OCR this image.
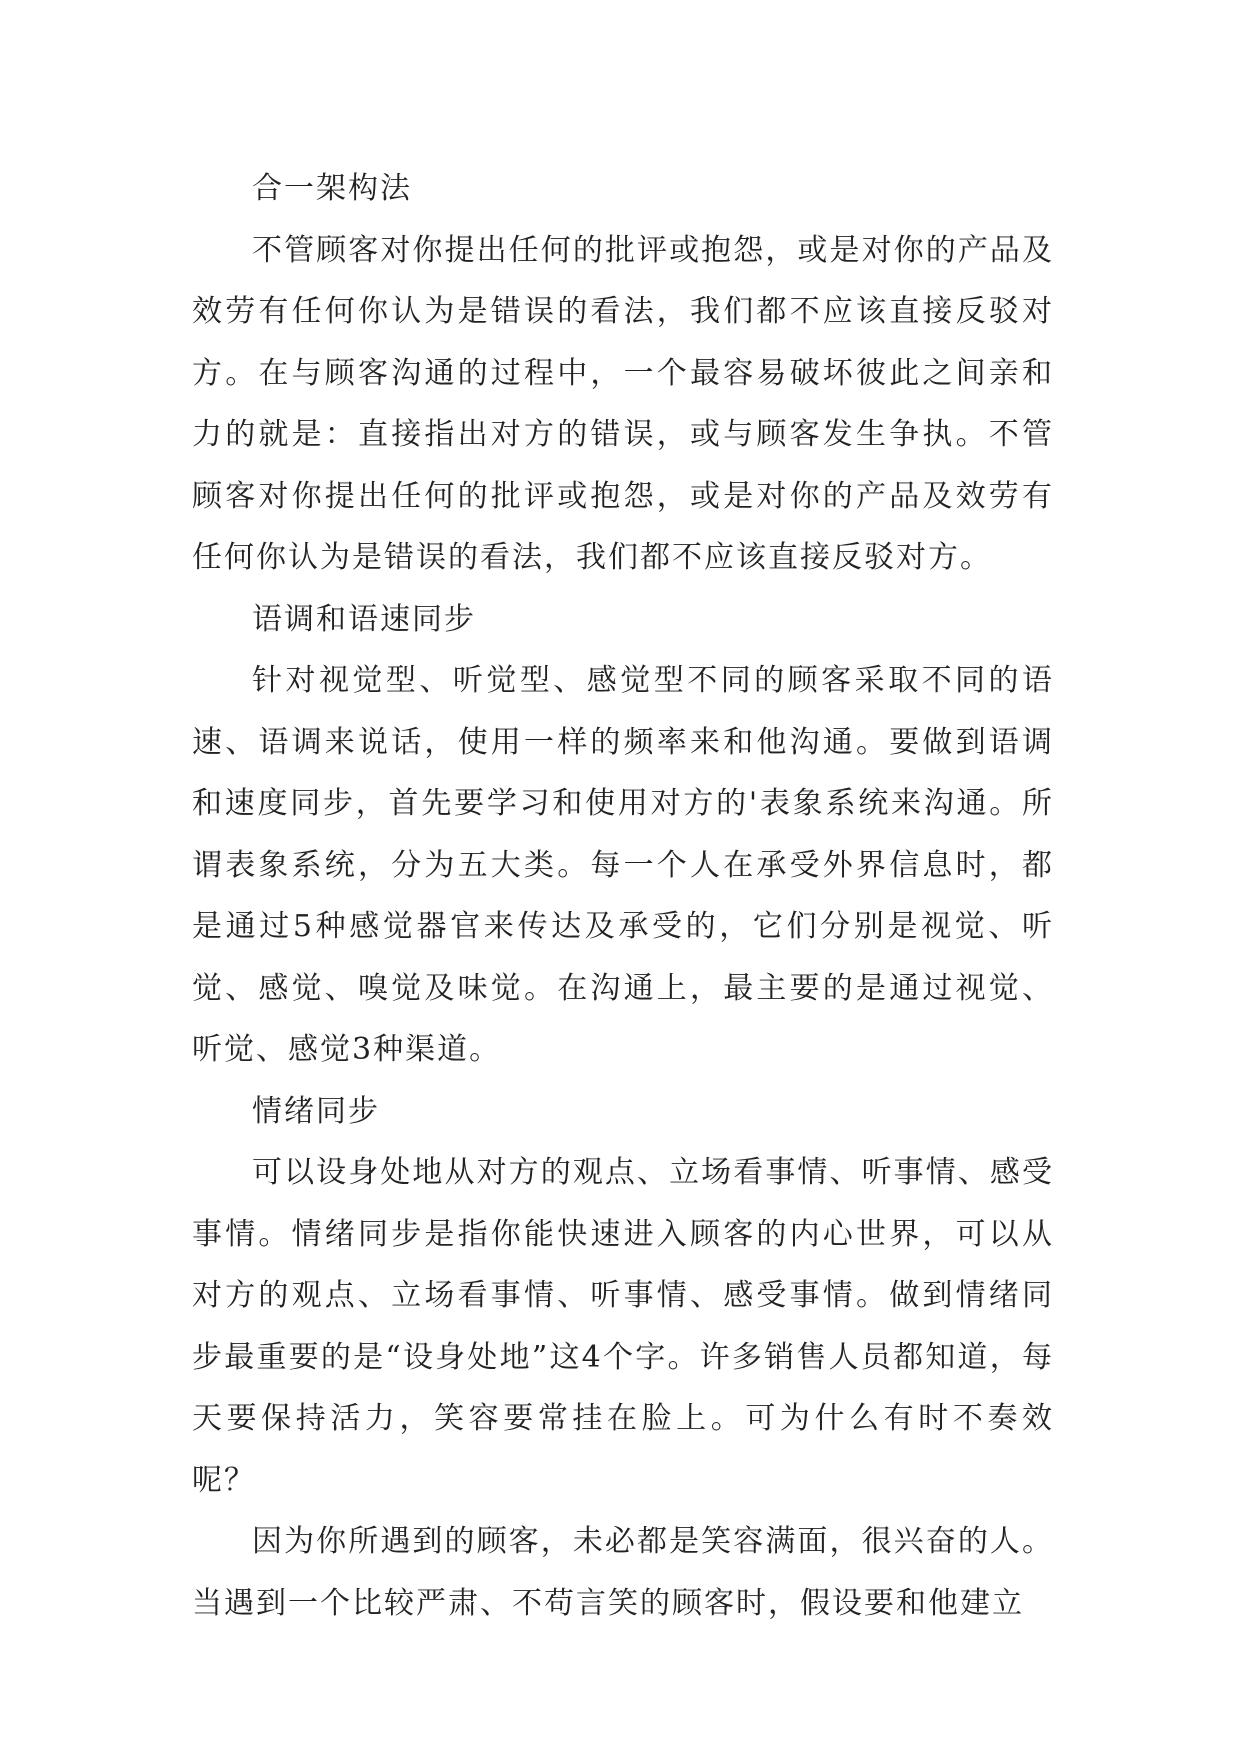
合一架构法

不管顾客对你提出任何的批评或抱怨，或是对你的产品及效劳有任何你认为是错误的看法，我们都不应该直接反驳对方。在与顾客沟通的过程中，一个最容易破坏彼此之间亲和力的就是：直接指出对方的错误，或与顾客发生争执。不管顾客对你提出任何的批评或抱怨，或是对你的产品及效劳有任何你认为是错误的看法，我们都不应该直接反驳对方。

语调和语速同步

针对视觉型、听觉型、感觉型不同的顾客采取不同的语速、语调来说话，使用一样的频率来和他沟通。要做到语调和速度同步，首先要学习和使用对方的'表象系统来沟通。所谓表象系统，分为五大类。每一个人在承受外界信息时，都是通过5种感觉器官来传达及承受的，它们分别是视觉、听觉、感觉、嗅觉及味觉。在沟通上，最主要的是通过视觉、听觉、感觉3种渠道。

情绪同步

可以设身处地从对方的观点、立场看事情、听事情、感受事情。情绪同步是指你能快速进入顾客的内心世界，可以从对方的观点、立场看事情、听事情、感受事情。做到情绪同步最重要的是“设身处地”这4个字。许多销售人员都知道，每天要保持活力，笑容要常挂在脸上。可为什么有时不奏效呢？

因为你所遇到的顾客，未必都是笑容满面，很兴奋的人。当遇到一个比较严肃、不苟言笑的顾客时，假设要和他建立
